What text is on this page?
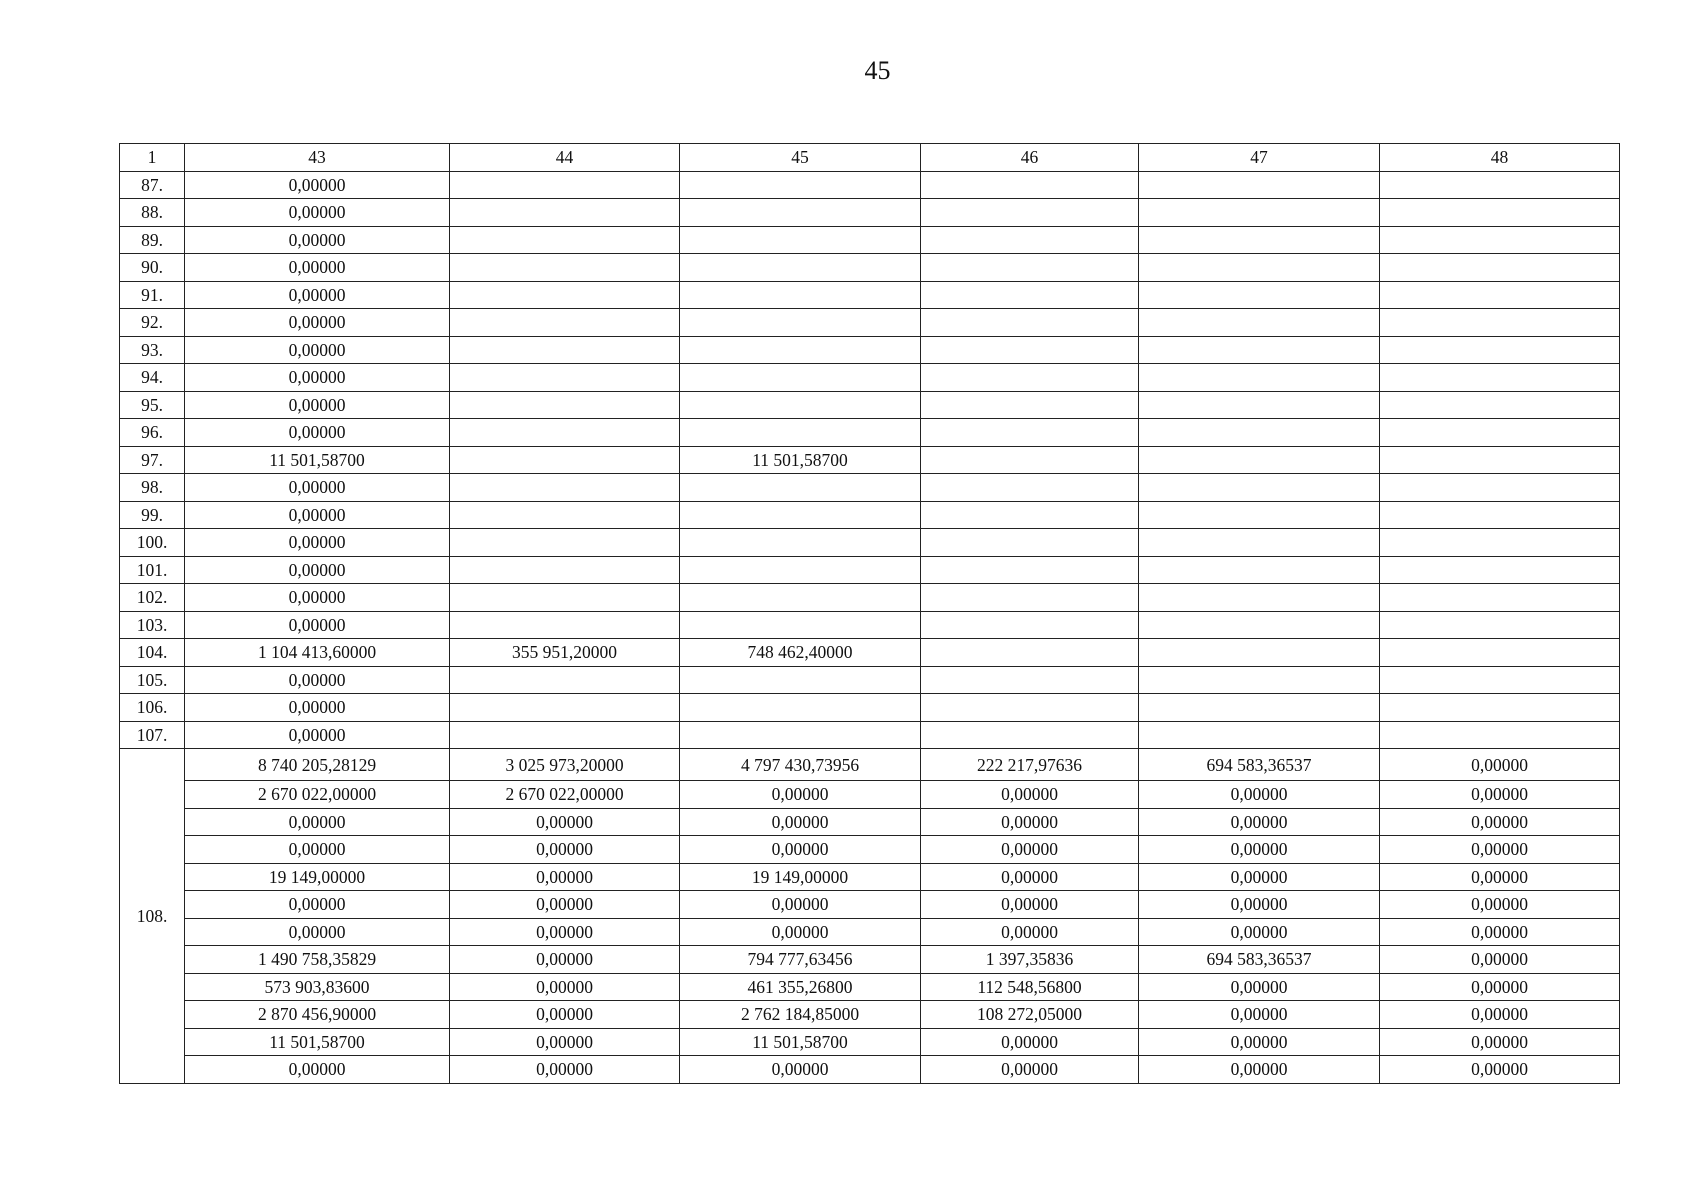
45
1	43	44	45	46	47	48
87.	0,00000					
88.	0,00000					
89.	0,00000					
90.	0,00000					
91.	0,00000					
92.	0,00000					
93.	0,00000					
94.	0,00000					
95.	0,00000					
96.	0,00000					
97.	11 501,58700		11 501,58700			
98.	0,00000					
99.	0,00000					
100.	0,00000					
101.	0,00000					
102.	0,00000					
103.	0,00000					
104.	1 104 413,60000	355 951,20000	748 462,40000			
105.	0,00000					
106.	0,00000					
107.	0,00000					
108.	8 740 205,28129	3 025 973,20000	4 797 430,73956	222 217,97636	694 583,36537	0,00000
	2 670 022,00000	2 670 022,00000	0,00000	0,00000	0,00000	0,00000
	0,00000	0,00000	0,00000	0,00000	0,00000	0,00000
	0,00000	0,00000	0,00000	0,00000	0,00000	0,00000
	19 149,00000	0,00000	19 149,00000	0,00000	0,00000	0,00000
	0,00000	0,00000	0,00000	0,00000	0,00000	0,00000
	0,00000	0,00000	0,00000	0,00000	0,00000	0,00000
	1 490 758,35829	0,00000	794 777,63456	1 397,35836	694 583,36537	0,00000
	573 903,83600	0,00000	461 355,26800	112 548,56800	0,00000	0,00000
	2 870 456,90000	0,00000	2 762 184,85000	108 272,05000	0,00000	0,00000
	11 501,58700	0,00000	11 501,58700	0,00000	0,00000	0,00000
	0,00000	0,00000	0,00000	0,00000	0,00000	0,00000
